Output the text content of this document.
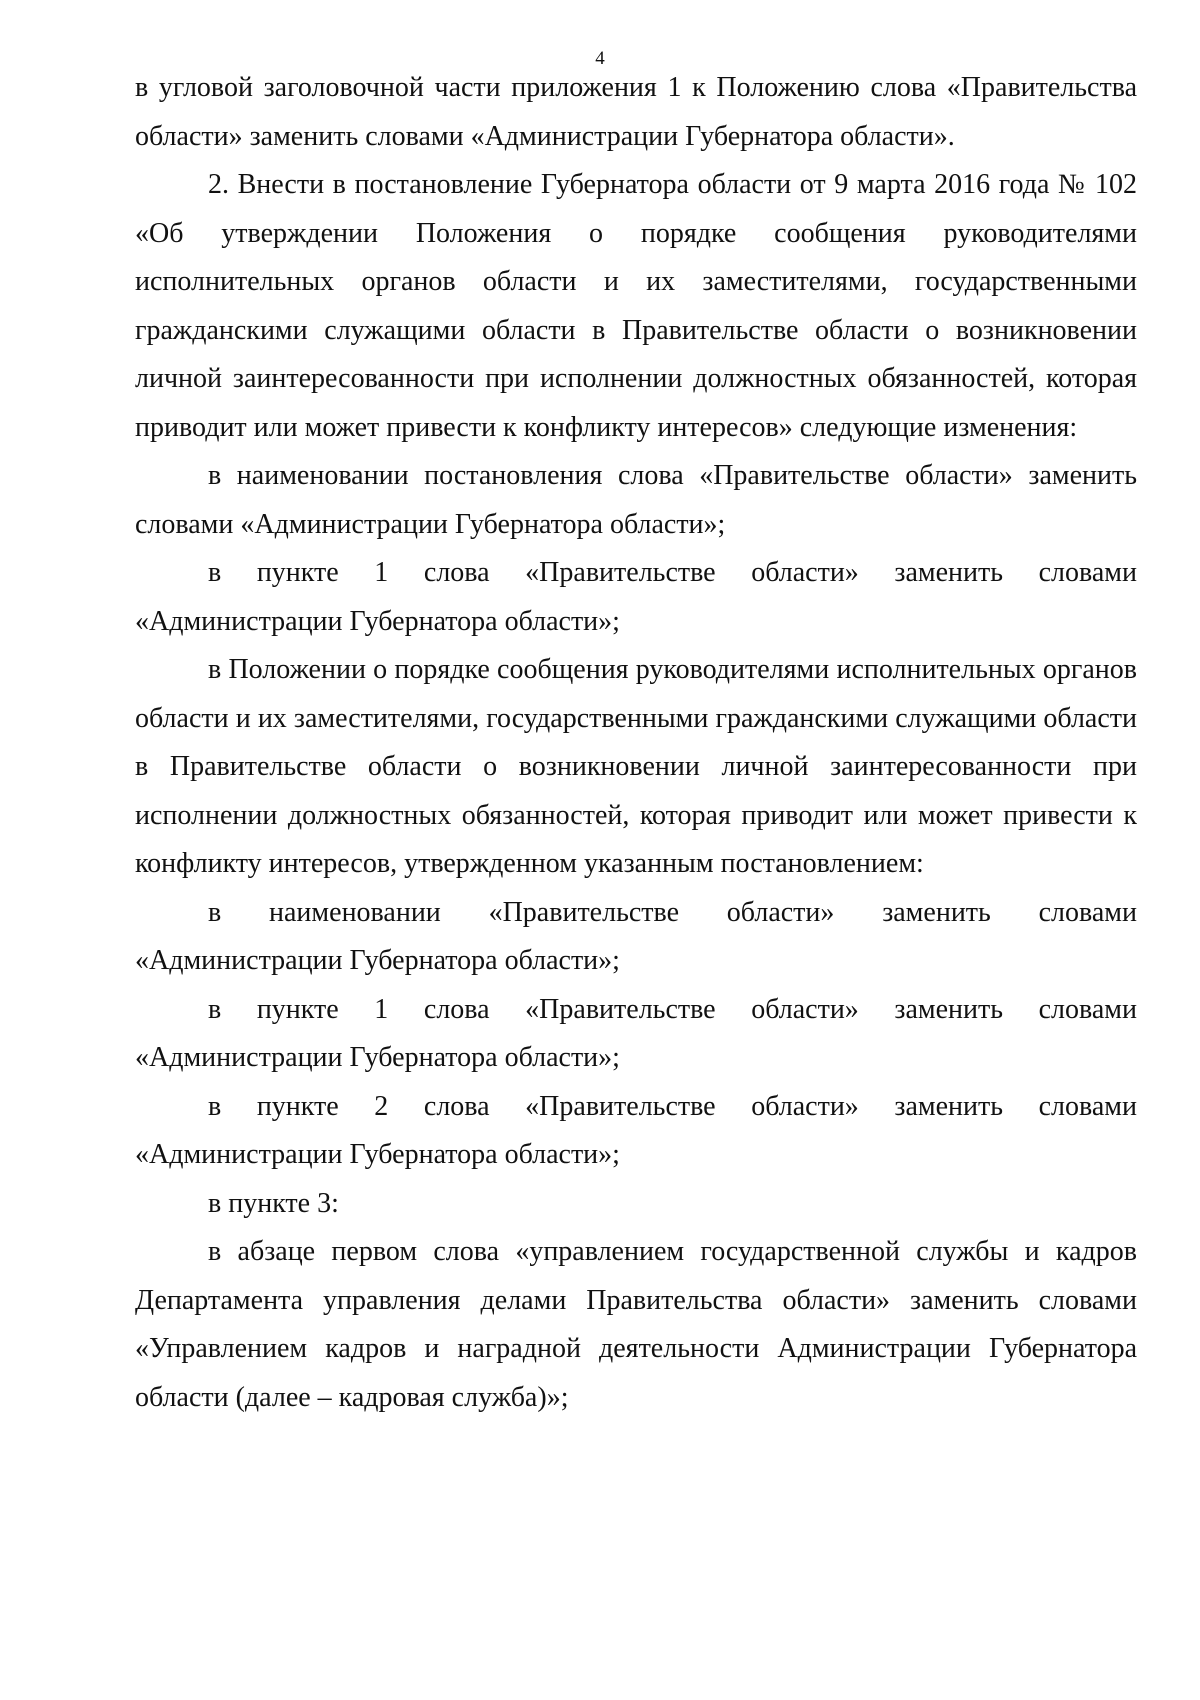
4

в угловой заголовочной части приложения 1 к Положению слова «Правительства области» заменить словами «Администрации Губернатора области».

2. Внести в постановление Губернатора области от 9 марта 2016 года № 102 «Об утверждении Положения о порядке сообщения руководителями исполнительных органов области и их заместителями, государственными гражданскими служащими области в Правительстве области о возникновении личной заинтересованности при исполнении должностных обязанностей, которая приводит или может привести к конфликту интересов» следующие изменения:

в наименовании постановления слова «Правительстве области» заменить словами «Администрации Губернатора области»;

в пункте 1 слова «Правительстве области» заменить словами «Администрации Губернатора области»;

в Положении о порядке сообщения руководителями исполнительных органов области и их заместителями, государственными гражданскими служащими области в Правительстве области о возникновении личной заинтересованности при исполнении должностных обязанностей, которая приводит или может привести к конфликту интересов, утвержденном указанным постановлением:

в наименовании «Правительстве области» заменить словами «Администрации Губернатора области»;

в пункте 1 слова «Правительстве области» заменить словами «Администрации Губернатора области»;

в пункте 2 слова «Правительстве области» заменить словами «Администрации Губернатора области»;

в пункте 3:

в абзаце первом слова «управлением государственной службы и кадров Департамента управления делами Правительства области» заменить словами «Управлением кадров и наградной деятельности Администрации Губернатора области (далее – кадровая служба)»;
